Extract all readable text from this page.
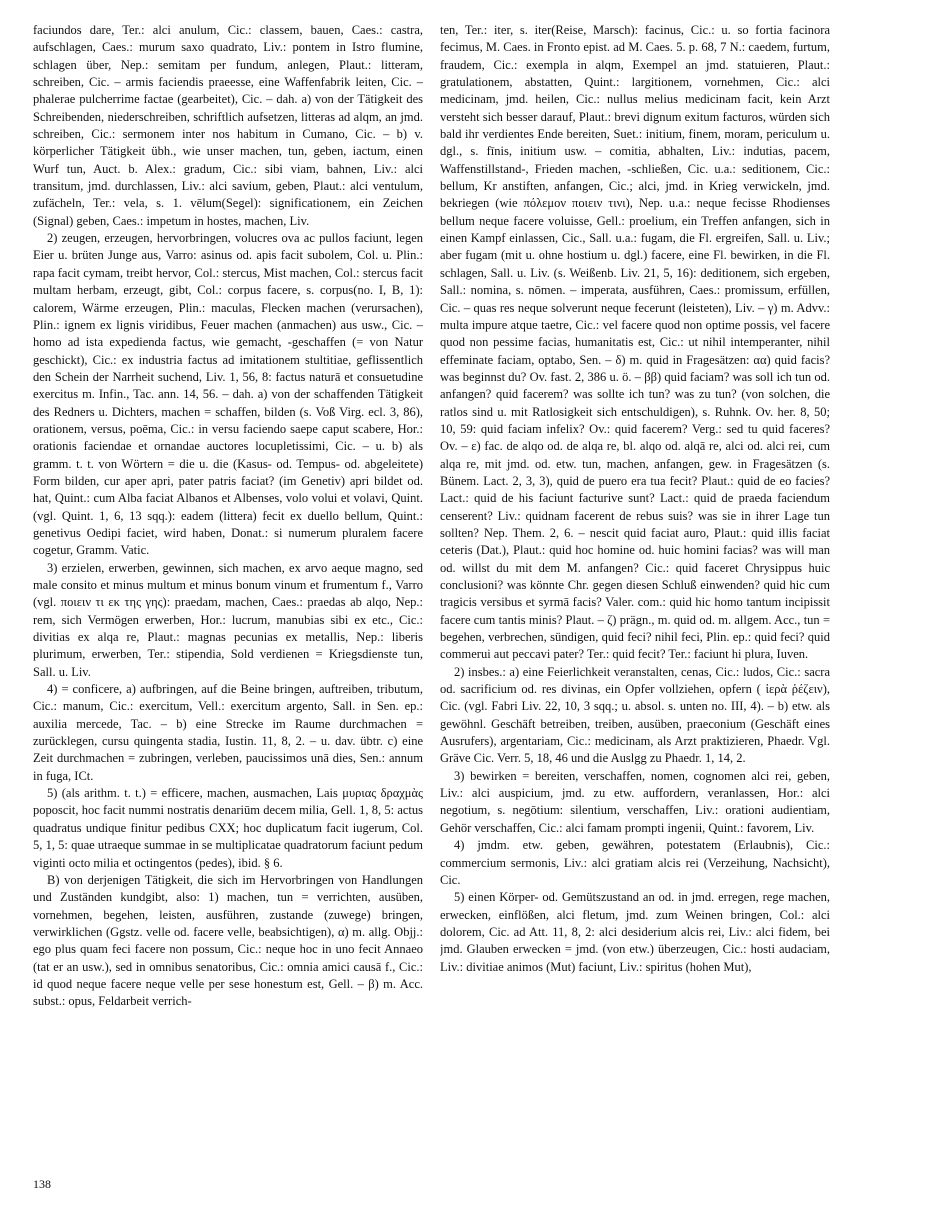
faciundos dare, Ter.: alci anulum, Cic.: classem, bauen, Caes.: castra, aufschlagen, Caes.: murum saxo quadrato, Liv.: pontem in Istro flumine, schlagen über, Nep.: semitam per fundum, anlegen, Plaut.: litteram, schreiben, Cic. – armis faciendis praeesse, eine Waffenfabrik leiten, Cic. – phalerae pulcherrime factae (gearbeitet), Cic. – dah. a) von der Tätigkeit des Schreibenden, niederschreiben, schriftlich aufsetzen, litteras ad alqm, an jmd. schreiben, Cic.: sermonem inter nos habitum in Cumano, Cic. – b) v. körperlicher Tätigkeit übh., wie unser machen, tun, geben, iactum, einen Wurf tun, Auct. b. Alex.: gradum, Cic.: sibi viam, bahnen, Liv.: alci transitum, jmd. durchlassen, Liv.: alci savium, geben, Plaut.: alci ventulum, zufächeln, Ter.: vela, s. 1. vēlum(Segel): significationem, ein Zeichen (Signal) geben, Caes.: impetum in hostes, machen, Liv.

2) zeugen, erzeugen, hervorbringen, volucres ova ac pullos faciunt, legen Eier u. brüten Junge aus, Varro: asinus od. apis facit subolem, Col. u. Plin.: rapa facit cymam, treibt hervor, Col.: stercus, Mist machen, Col.: stercus facit multam herbam, erzeugt, gibt, Col.: corpus facere, s. corpus(no. I, B, 1): calorem, Wärme erzeugen, Plin.: maculas, Flecken machen (verursachen), Plin.: ignem ex lignis viridibus, Feuer machen (anmachen) aus usw., Cic. – homo ad ista expedienda factus, wie gemacht, -geschaffen (= von Natur geschickt), Cic.: ex industria factus ad imitationem stultitiae, geflissentlich den Schein der Narrheit suchend, Liv. 1, 56, 8: factus naturā et consuetudine exercitus m. Infin., Tac. ann. 14, 56. – dah. a) von der schaffenden Tätigkeit des Redners u. Dichters, machen = schaffen, bilden (s. Voß Virg. ecl. 3, 86), orationem, versus, poēma, Cic.: in versu faciendo saepe caput scabere, Hor.: orationis faciendae et ornandae auctores locupletissimi, Cic. – u. b) als gramm. t. t. von Wörtern = die u. die (Kasus- od. Tempus- od. abgeleitete) Form bilden, cur aper apri, pater patris faciat? (im Genetiv) apri bildet od. hat, Quint.: cum Alba faciat Albanos et Albenses, volo volui et volavi, Quint. (vgl. Quint. 1, 6, 13 sqq.): eadem (littera) fecit ex duello bellum, Quint.: genetivus Oedipi faciet, wird haben, Donat.: si numerum pluralem facere cogetur, Gramm. Vatic.

3) erzielen, erwerben, gewinnen, sich machen, ex arvo aeque magno, sed male consito et minus multum et minus bonum vinum et frumentum f., Varro (vgl. ποιειν τι εκ της γης): praedam, machen, Caes.: praedas ab alqo, Nep.: rem, sich Vermögen erwerben, Hor.: lucrum, manubias sibi ex etc., Cic.: divitias ex alqa re, Plaut.: magnas pecunias ex metallis, Nep.: liberis plurimum, erwerben, Ter.: stipendia, Sold verdienen = Kriegsdienste tun, Sall. u. Liv.

4) = conficere, a) aufbringen, auf die Beine bringen, auftreiben, tributum, Cic.: manum, Cic.: exercitum, Vell.: exercitum argento, Sall. in Sen. ep.: auxilia mercede, Tac. – b) eine Strecke im Raume durchmachen = zurücklegen, cursu quingenta stadia, Iustin. 11, 8, 2. – u. dav. übtr. c) eine Zeit durchmachen = zubringen, verleben, paucissimos unā dies, Sen.: annum in fuga, ICt.

5) (als arithm. t. t.) = efficere, machen, ausmachen, Lais μυριας δραχμὰς poposcit, hoc facit nummi nostratis denariūm decem milia, Gell. 1, 8, 5: actus quadratus undique finitur pedibus CXX; hoc duplicatum facit iugerum, Col. 5, 1, 5: quae utraeque summae in se multiplicatae quadratorum faciunt pedum viginti octo milia et octingentos (pedes), ibid. § 6.

B) von derjenigen Tätigkeit, die sich im Hervorbringen von Handlungen und Zuständen kundgibt, also: 1) machen, tun = verrichten, ausüben, vornehmen, begehen, leisten, ausführen, zustande (zuwege) bringen, verwirklichen (Ggstz. velle od. facere velle, beabsichtigen), α) m. allg. Objj.: ego plus quam feci facere non possum, Cic.: neque hoc in uno fecit Annaeo (tat er an usw.), sed in omnibus senatoribus, Cic.: omnia amici causā f., Cic.: id quod neque facere neque velle per sese honestum est, Gell. – β) m. Acc. subst.: opus, Feldarbeit verrich-

ten, Ter.: iter, s. iter(Reise, Marsch): facinus, Cic.: u. so fortia facinora fecimus, M. Caes. in Fronto epist. ad M. Caes. 5. p. 68, 7 N.: caedem, furtum, fraudem, Cic.: exempla in alqm, Exempel an jmd. statuieren, Plaut.: gratulationem, abstatten, Quint.: largitionem, vornehmen, Cic.: alci medicinam, jmd. heilen, Cic.: nullus melius medicinam facit, kein Arzt versteht sich besser darauf, Plaut.: brevi dignum exitum facturos, würden sich bald ihr verdientes Ende bereiten, Suet.: initium, finem, moram, periculum u. dgl., s. fīnis, initium usw. – comitia, abhalten, Liv.: indutias, pacem, Waffenstillstand-, Frieden machen, -schließen, Cic. u.a.: seditionem, Cic.: bellum, Kr anstiften, anfangen, Cic.; alci, jmd. in Krieg verwickeln, jmd. bekriegen (wie πόλεμον ποιειν τινι), Nep. u.a.: neque fecisse Rhodienses bellum neque facere voluisse, Gell.: proelium, ein Treffen anfangen, sich in einen Kampf einlassen, Cic., Sall. u.a.: fugam, die Fl. ergreifen, Sall. u. Liv.; aber fugam (mit u. ohne hostium u. dgl.) facere, eine Fl. bewirken, in die Fl. schlagen, Sall. u. Liv. (s. Weißenb. Liv. 21, 5, 16): deditionem, sich ergeben, Sall.: nomina, s. nōmen. – imperata, ausführen, Caes.: promissum, erfüllen, Cic. – quas res neque solverunt neque fecerunt (leisteten), Liv. – γ) m. Advv.: multa impure atque taetre, Cic.: vel facere quod non optime possis, vel facere quod non pessime facias, humanitatis est, Cic.: ut nihil intemperanter, nihil effeminate faciam, optabo, Sen. – δ) m. quid in Fragesätzen: αα) quid facis? was beginnst du? Ov. fast. 2, 386 u. ö. – ββ) quid faciam? was soll ich tun od. anfangen? quid facerem? was sollte ich tun? was zu tun? (von solchen, die ratlos sind u. mit Ratlosigkeit sich entschuldigen), s. Ruhnk. Ov. her. 8, 50; 10, 59: quid faciam infelix? Ov.: quid facerem? Verg.: sed tu quid faceres? Ov. – ε) fac. de alqo od. de alqa re, bl. alqo od. alqā re, alci od. alci rei, cum alqa re, mit jmd. od. etw. tun, machen, anfangen, gew. in Fragesätzen (s. Bünem. Lact. 2, 3, 3), quid de puero era tua fecit? Plaut.: quid de eo facies? Lact.: quid de his faciunt facturive sunt? Lact.: quid de praeda faciendum censerent? Liv.: quidnam facerent de rebus suis? was sie in ihrer Lage tun sollten? Nep. Them. 2, 6. – nescit quid faciat auro, Plaut.: quid illis faciat ceteris (Dat.), Plaut.: quid hoc homine od. huic homini facias? was will man od. willst du mit dem M. anfangen? Cic.: quid faceret Chrysippus huic conclusioni? was könnte Chr. gegen diesen Schluß einwenden? quid hic cum tragicis versibus et syrmā facis? Valer. com.: quid hic homo tantum incipissit facere cum tantis minis? Plaut. – ζ) prägn., m. quid od. m. allgem. Acc., tun = begehen, verbrechen, sündigen, quid feci? nihil feci, Plin. ep.: quid feci? quid commerui aut peccavi pater? Ter.: quid fecit? Ter.: faciunt hi plura, Iuven.

2) insbes.: a) eine Feierlichkeit veranstalten, cenas, Cic.: ludos, Cic.: sacra od. sacrificium od. res divinas, ein Opfer vollziehen, opfern ( ἱερὰ ῥέζειν), Cic. (vgl. Fabri Liv. 22, 10, 3 sqq.; u. absol. s. unten no. III, 4). – b) etw. als gewöhnl. Geschäft betreiben, treiben, ausüben, praeconium (Geschäft eines Ausrufers), argentariam, Cic.: medicinam, als Arzt praktizieren, Phaedr. Vgl. Gräve Cic. Verr. 5, 18, 46 und die Auslgg zu Phaedr. 1, 14, 2.

3) bewirken = bereiten, verschaffen, nomen, cognomen alci rei, geben, Liv.: alci auspicium, jmd. zu etw. auffordern, veranlassen, Hor.: alci negotium, s. negōtium: silentium, verschaffen, Liv.: orationi audientiam, Gehör verschaffen, Cic.: alci famam prompti ingenii, Quint.: favorem, Liv.

4) jmdm. etw. geben, gewähren, potestatem (Erlaubnis), Cic.: commercium sermonis, Liv.: alci gratiam alcis rei (Verzeihung, Nachsicht), Cic.

5) einen Körper- od. Gemütszustand an od. in jmd. erregen, rege machen, erwecken, einflößen, alci fletum, jmd. zum Weinen bringen, Col.: alci dolorem, Cic. ad Att. 11, 8, 2: alci desiderium alcis rei, Liv.: alci fidem, bei jmd. Glauben erwecken = jmd. (von etw.) überzeugen, Cic.: hosti audaciam, Liv.: divitiae animos (Mut) faciunt, Liv.: spiritus (hohen Mut),

138
